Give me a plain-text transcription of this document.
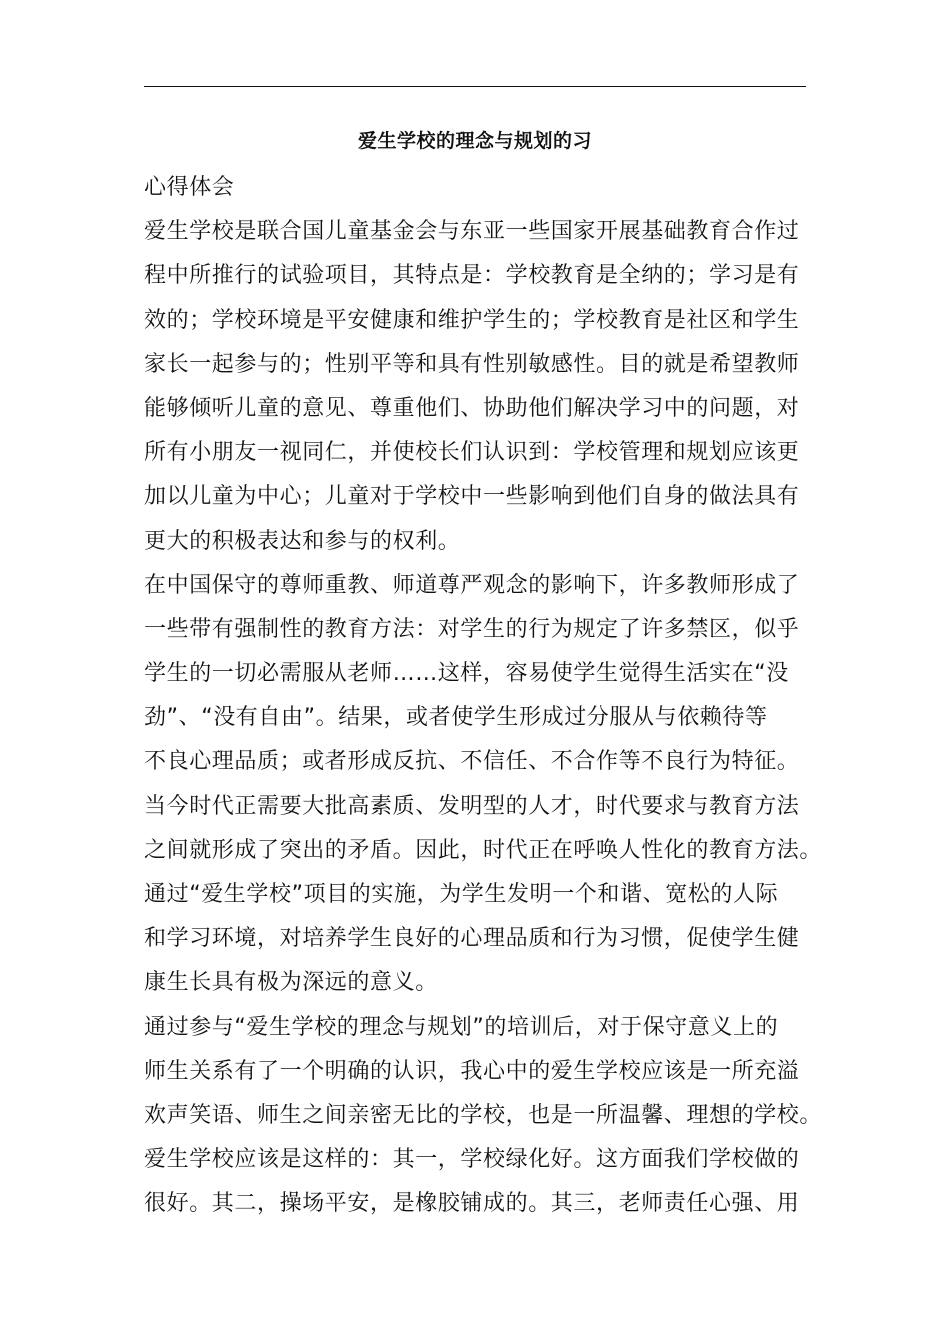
爱生学校的理念与规划的习
心得体会
爱生学校是联合国儿童基金会与东亚一些国家开展基础教育合作过
程中所推行的试验项目，其特点是：学校教育是全纳的；学习是有
效的；学校环境是平安健康和维护学生的；学校教育是社区和学生
家长一起参与的；性别平等和具有性别敏感性。目的就是希望教师
能够倾听儿童的意见、尊重他们、协助他们解决学习中的问题，对
所有小朋友一视同仁，并使校长们认识到：学校管理和规划应该更
加以儿童为中心；儿童对于学校中一些影响到他们自身的做法具有
更大的积极表达和参与的权利。
在中国保守的尊师重教、师道尊严观念的影响下，许多教师形成了
一些带有强制性的教育方法：对学生的行为规定了许多禁区，似乎
学生的一切必需服从老师……这样，容易使学生觉得生活实在“没
劲”、“没有自由”。结果，或者使学生形成过分服从与依赖待等
不良心理品质；或者形成反抗、不信任、不合作等不良行为特征。
当今时代正需要大批高素质、发明型的人才，时代要求与教育方法
之间就形成了突出的矛盾。因此，时代正在呼唤人性化的教育方法。
通过“爱生学校”项目的实施，为学生发明一个和谐、宽松的人际
和学习环境，对培养学生良好的心理品质和行为习惯，促使学生健
康生长具有极为深远的意义。
通过参与“爱生学校的理念与规划”的培训后，对于保守意义上的
师生关系有了一个明确的认识，我心中的爱生学校应该是一所充溢
欢声笑语、师生之间亲密无比的学校，也是一所温馨、理想的学校。
爱生学校应该是这样的：其一，学校绿化好。这方面我们学校做的
很好。其二，操场平安，是橡胶铺成的。其三，老师责任心强、用
